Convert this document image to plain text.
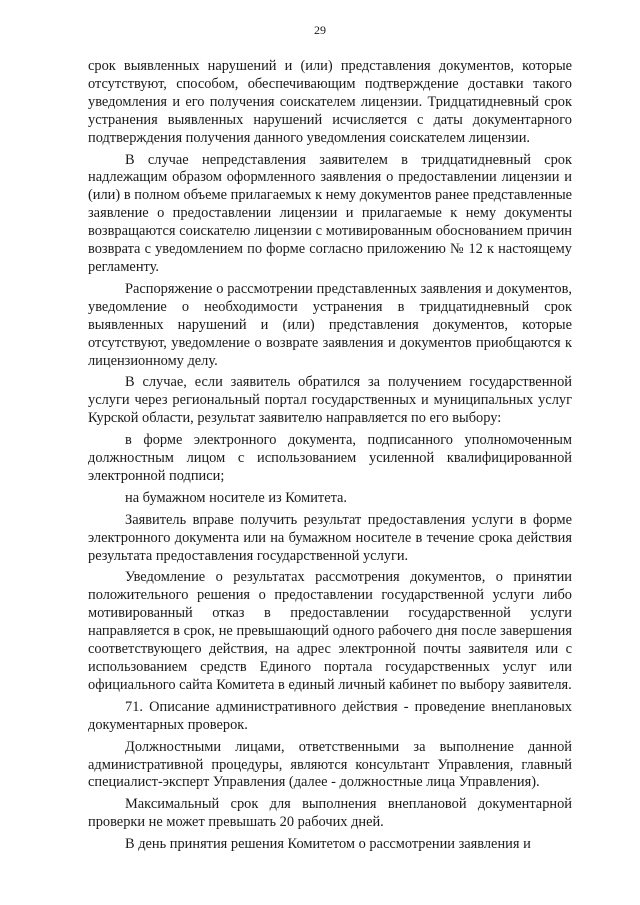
29

срок выявленных нарушений и (или) представления документов, которые отсутствуют, способом, обеспечивающим подтверждение доставки такого уведомления и его получения соискателем лицензии. Тридцатидневный срок устранения выявленных нарушений исчисляется с даты документарного подтверждения получения данного уведомления соискателем лицензии.

В случае непредставления заявителем в тридцатидневный срок надлежащим образом оформленного заявления о предоставлении лицензии и (или) в полном объеме прилагаемых к нему документов ранее представленные заявление о предоставлении лицензии и прилагаемые к нему документы возвращаются соискателю лицензии с мотивированным обоснованием причин возврата с уведомлением по форме согласно приложению № 12 к настоящему регламенту.

Распоряжение о рассмотрении представленных заявления и документов, уведомление о необходимости устранения в тридцатидневный срок выявленных нарушений и (или) представления документов, которые отсутствуют, уведомление о возврате заявления и документов приобщаются к лицензионному делу.

В случае, если заявитель обратился за получением государственной услуги через региональный портал государственных и муниципальных услуг Курской области, результат заявителю направляется по его выбору:

в форме электронного документа, подписанного уполномоченным должностным лицом с использованием усиленной квалифицированной электронной подписи;

на бумажном носителе из Комитета.

Заявитель вправе получить результат предоставления услуги в форме электронного документа или на бумажном носителе в течение срока действия результата предоставления государственной услуги.

Уведомление о результатах рассмотрения документов, о принятии положительного решения о предоставлении государственной услуги либо мотивированный отказ в предоставлении государственной услуги направляется в срок, не превышающий одного рабочего дня после завершения соответствующего действия, на адрес электронной почты заявителя или с использованием средств Единого портала государственных услуг или официального сайта Комитета в единый личный кабинет по выбору заявителя.

71. Описание административного действия - проведение внеплановых документарных проверок.

Должностными лицами, ответственными за выполнение данной административной процедуры, являются консультант Управления, главный специалист-эксперт Управления (далее - должностные лица Управления).

Максимальный срок для выполнения внеплановой документарной проверки не может превышать 20 рабочих дней.

В день принятия решения Комитетом о рассмотрении заявления и
